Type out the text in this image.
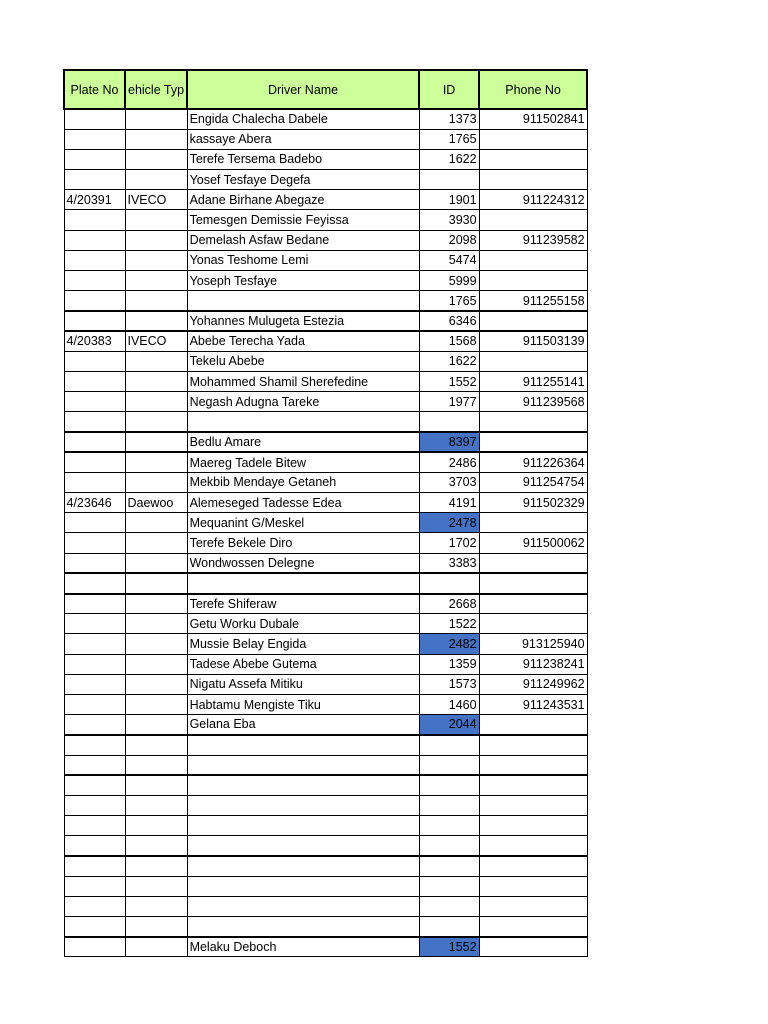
Plate No	ehicle Typ	Driver Name	ID	Phone No
		Engida Chalecha Dabele	1373	911502841
		kassaye Abera	1765	
		Terefe Tersema Badebo	1622	
		Yosef Tesfaye Degefa		
4/20391	IVECO	Adane Birhane Abegaze	1901	911224312
		Temesgen Demissie Feyissa	3930	
		Demelash Asfaw Bedane	2098	911239582
		Yonas Teshome Lemi	5474	
		Yoseph Tesfaye	5999	
			1765	911255158
		Yohannes Mulugeta Estezia	6346	
4/20383	IVECO	Abebe Terecha Yada	1568	911503139
		Tekelu Abebe	1622	
		Mohammed Shamil Sherefedine	1552	911255141
		Negash Adugna Tareke	1977	911239568

		Bedlu Amare	8397	
		Maereg Tadele Bitew	2486	911226364
		Mekbib Mendaye Getaneh	3703	911254754
4/23646	Daewoo	Alemeseged Tadesse Edea	4191	911502329
		Mequanint G/Meskel	2478	
		Terefe Bekele Diro	1702	911500062
		Wondwossen Delegne	3383	

		Terefe Shiferaw	2668	
		Getu Worku Dubale	1522	
		Mussie Belay Engida	2482	913125940
		Tadese Abebe Gutema	1359	911238241
		Nigatu Assefa Mitiku	1573	911249962
		Habtamu Mengiste Tiku	1460	911243531
		Gelana Eba	2044	

		Melaku Deboch	1552	
